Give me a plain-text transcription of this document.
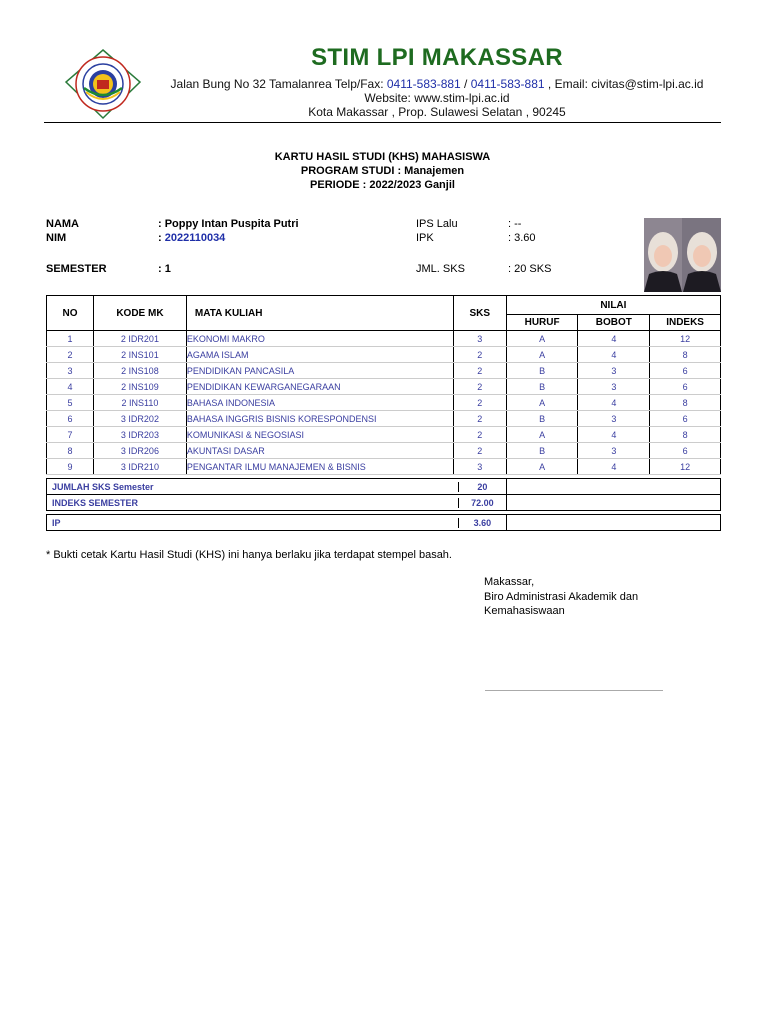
STIM LPI MAKASSAR
Jalan Bung No 32 Tamalanrea Telp/Fax: 0411-583-881 / 0411-583-881 , Email: civitas@stim-lpi.ac.id
Website: www.stim-lpi.ac.id
Kota Makassar , Prop. Sulawesi Selatan , 90245
KARTU HASIL STUDI (KHS) MAHASISWA
PROGRAM STUDI : Manajemen
PERIODE : 2022/2023 Ganjil
NAMA	: Poppy Intan Puspita Putri
NIM	: 2022110034
SEMESTER	: 1
IPS Lalu	: --
IPK	: 3.60
JML. SKS	: 20 SKS
NO	KODE MK	MATA KULIAH	SKS	NILAI		
				HURUF	BOBOT	INDEKS
1	2 IDR201	EKONOMI MAKRO	3	A	4	12
2	2 INS101	AGAMA ISLAM	2	A	4	8
3	2 INS108	PENDIDIKAN PANCASILA	2	B	3	6
4	2 INS109	PENDIDIKAN KEWARGANEGARAAN	2	B	3	6
5	2 INS110	BAHASA INDONESIA	2	A	4	8
6	3 IDR202	BAHASA INGGRIS BISNIS KORESPONDENSI	2	B	3	6
7	3 IDR203	KOMUNIKASI & NEGOSIASI	2	A	4	8
8	3 IDR206	AKUNTASI DASAR	2	B	3	6
9	3 IDR210	PENGANTAR ILMU MANAJEMEN & BISNIS	3	A	4	12

JUMLAH SKS Semester 20						

INDEKS SEMESTER 72.00						

IP 3.60						

* Bukti cetak Kartu Hasil Studi (KHS) ini hanya berlaku jika terdapat stempel basah.
Makassar,
Biro Administrasi Akademik dan
Kemahasiswaan
